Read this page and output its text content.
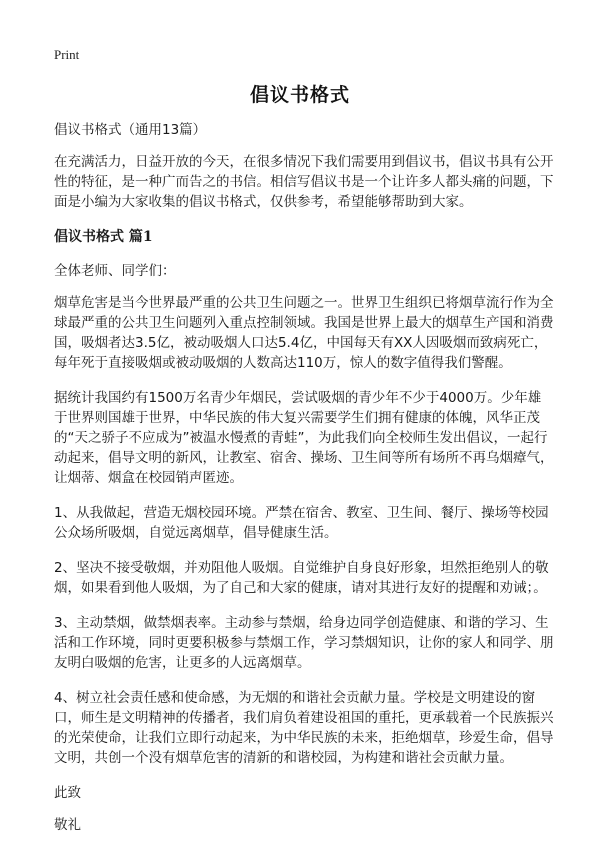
Print
倡议书格式

倡议书格式（通用13篇）

在充满活力，日益开放的今天，在很多情况下我们需要用到倡议书，倡议书具有公开性的特征，是一种广而告之的书信。相信写倡议书是一个让许多人都头痛的问题，下面是小编为大家收集的倡议书格式，仅供参考，希望能够帮助到大家。

倡议书格式 篇1

全体老师、同学们：

烟草危害是当今世界最严重的公共卫生问题之一。世界卫生组织已将烟草流行作为全球最严重的公共卫生问题列入重点控制领域。我国是世界上最大的烟草生产国和消费国，吸烟者达3.5亿，被动吸烟人口达5.4亿，中国每天有XX人因吸烟而致病死亡，每年死于直接吸烟或被动吸烟的人数高达110万，惊人的数字值得我们警醒。

据统计我国约有1500万名青少年烟民，尝试吸烟的青少年不少于4000万。少年雄于世界则国雄于世界，中华民族的伟大复兴需要学生们拥有健康的体魄，风华正茂的“天之骄子不应成为”被温水慢煮的青蛙”，为此我们向全校师生发出倡议，一起行动起来，倡导文明的新风，让教室、宿舍、操场、卫生间等所有场所不再乌烟瘴气，让烟蒂、烟盒在校园销声匿迹。

1、从我做起，营造无烟校园环境。严禁在宿舍、教室、卫生间、餐厅、操场等校园公众场所吸烟，自觉远离烟草，倡导健康生活。

2、坚决不接受敬烟，并劝阻他人吸烟。自觉维护自身良好形象，坦然拒绝别人的敬烟，如果看到他人吸烟，为了自己和大家的健康，请对其进行友好的提醒和劝诫；。

3、主动禁烟，做禁烟表率。主动参与禁烟，给身边同学创造健康、和谐的学习、生活和工作环境，同时更要积极参与禁烟工作，学习禁烟知识，让你的家人和同学、朋友明白吸烟的危害，让更多的人远离烟草。

4、树立社会责任感和使命感，为无烟的和谐社会贡献力量。学校是文明建设的窗口，师生是文明精神的传播者，我们肩负着建设祖国的重托，更承载着一个民族振兴的光荣使命，让我们立即行动起来，为中华民族的未来，拒绝烟草，珍爱生命，倡导文明，共创一个没有烟草危害的清新的和谐校园，为构建和谐社会贡献力量。

此致

敬礼
